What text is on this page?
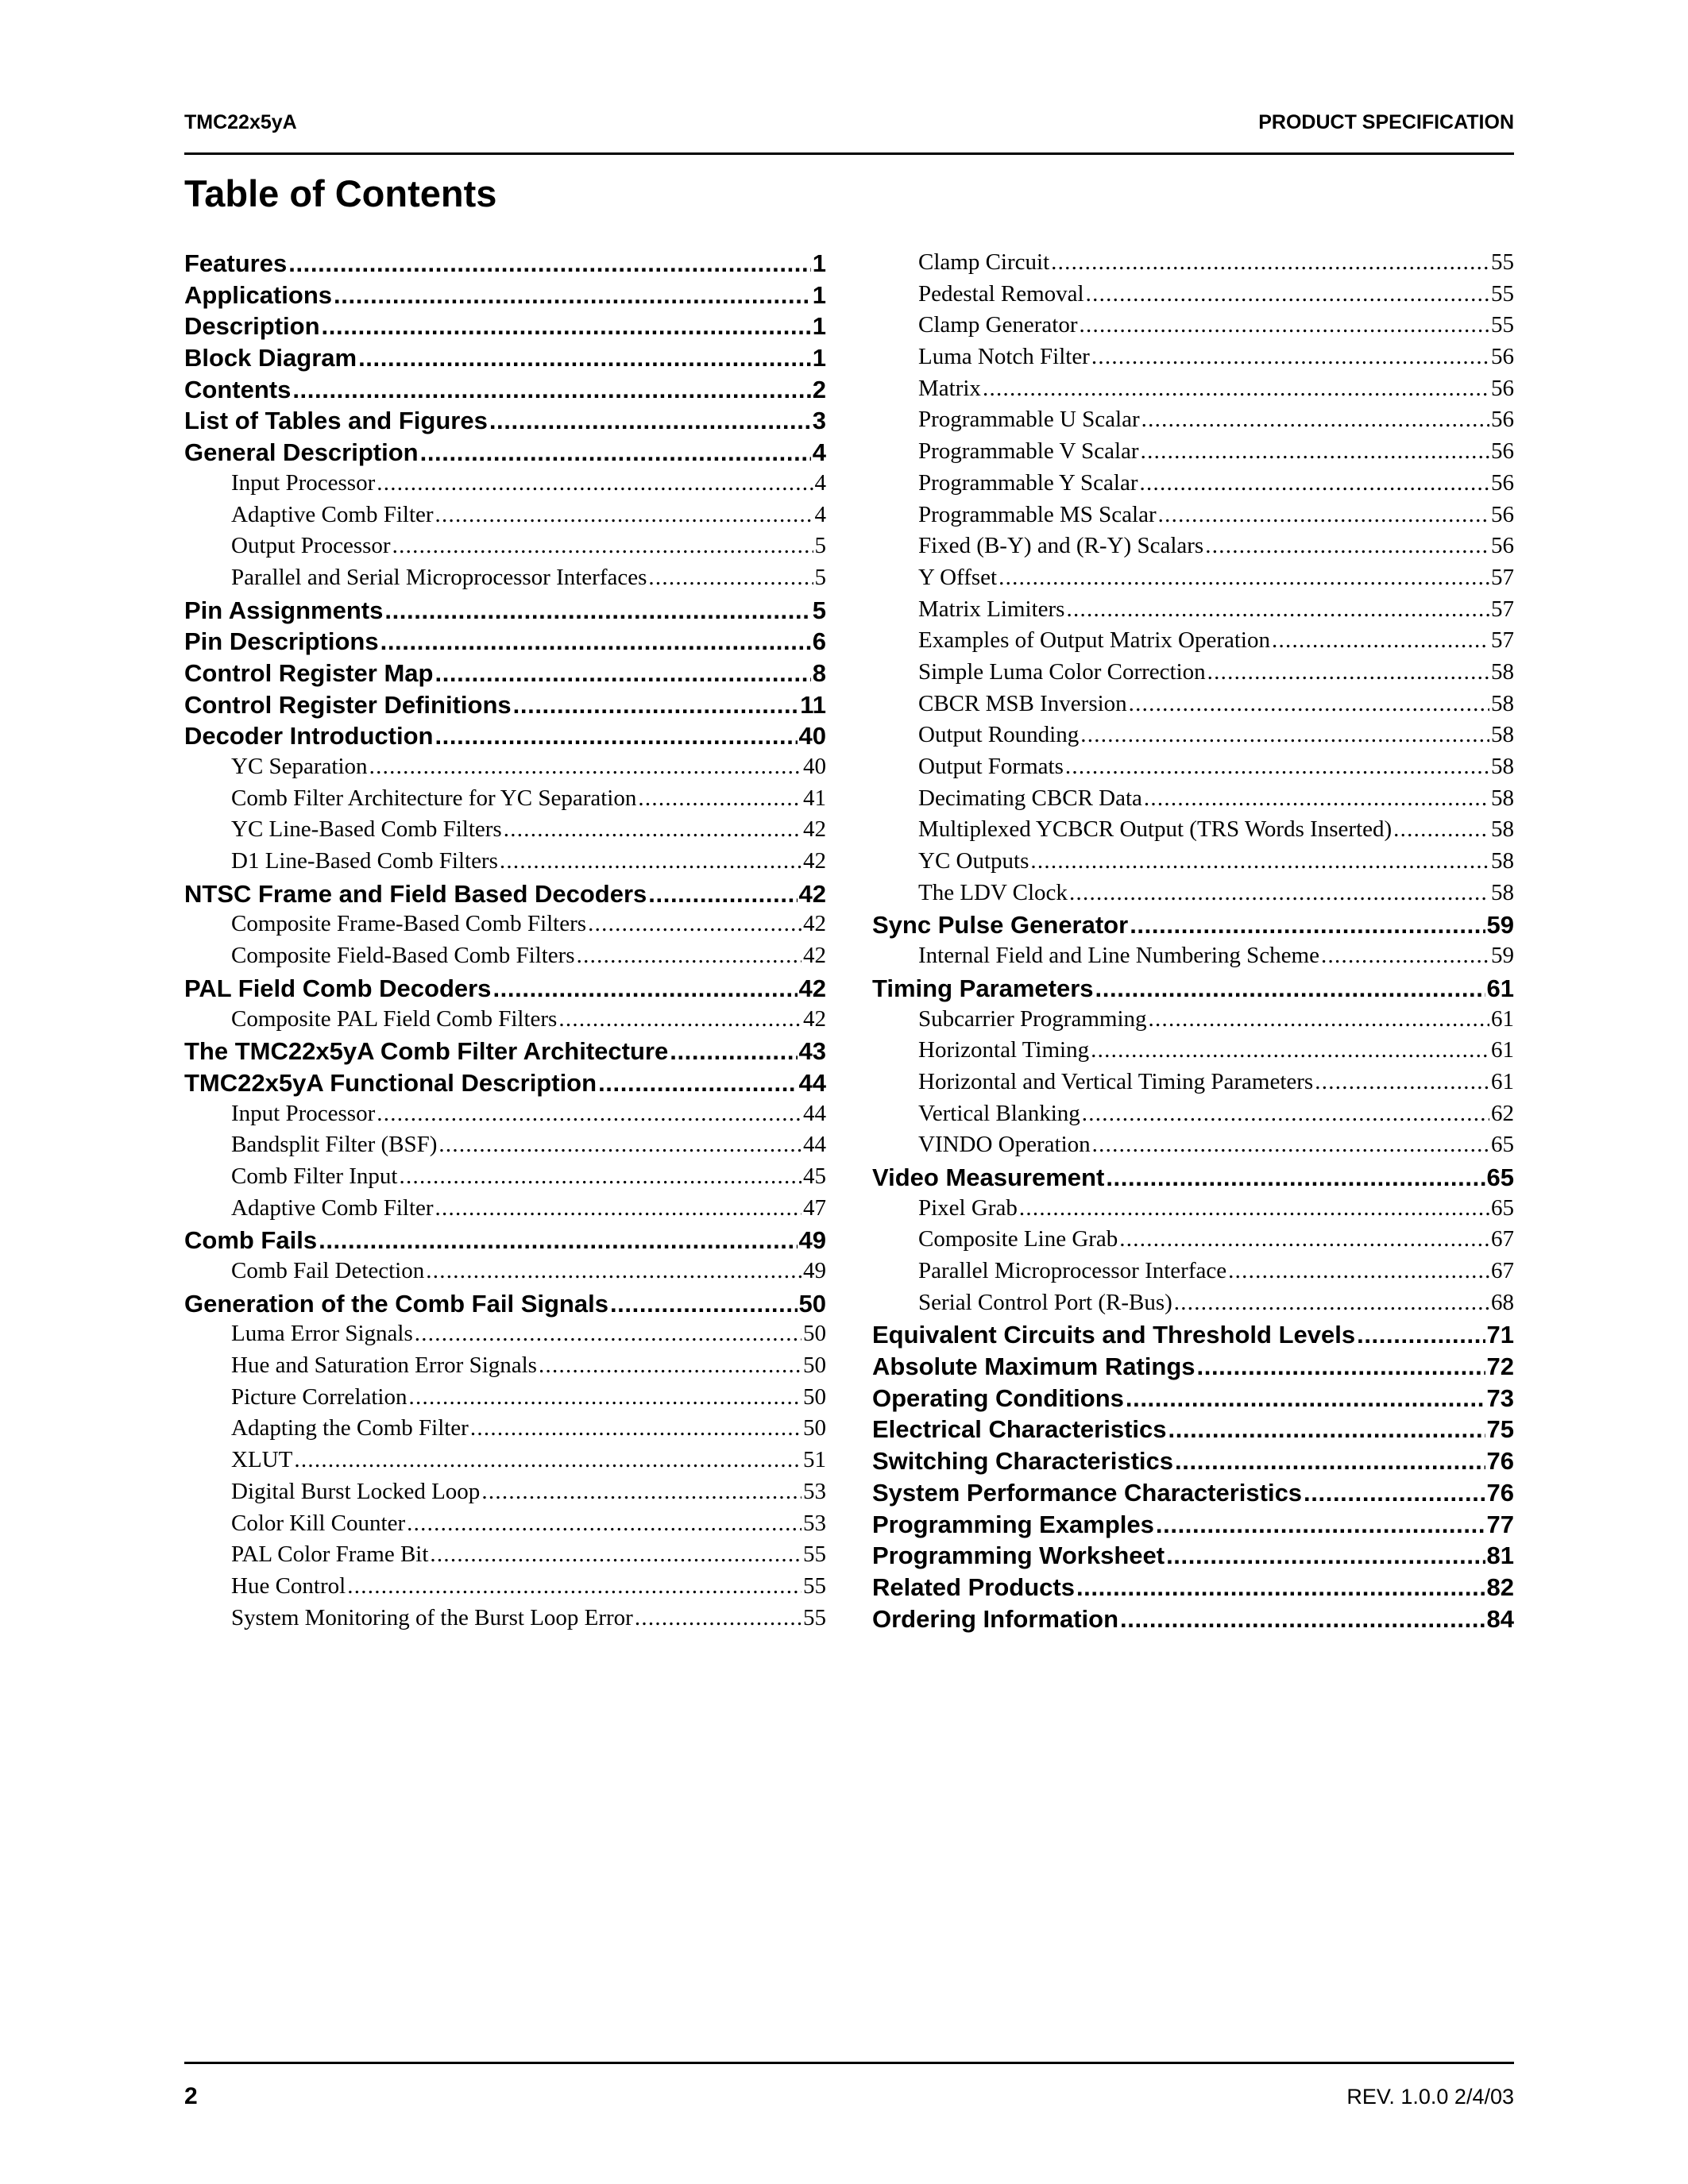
TMC22x5yA	PRODUCT SPECIFICATION
Table of Contents
Features . . .	1
Applications . . .	1
Description . . .	1
Block Diagram . . .	1
Contents . . .	2
List of Tables and Figures . . .	3
General Description . . .	4
Input Processor . . .	4
Adaptive Comb Filter . . .	4
Output Processor . . .	5
Parallel and Serial Microprocessor Interfaces . . .	5
Pin Assignments . . .	5
Pin Descriptions . . .	6
Control Register Map . . .	8
Control Register Definitions . . .	11
Decoder Introduction . . .	40
YC Separation . . .	40
Comb Filter Architecture for YC Separation . . .	41
YC Line-Based Comb Filters . . .	42
D1 Line-Based Comb Filters . . .	42
NTSC Frame and Field Based Decoders . . .	42
Composite Frame-Based Comb Filters . . .	42
Composite Field-Based Comb Filters . . .	42
PAL Field Comb Decoders . . .	42
Composite PAL Field Comb Filters . . .	42
The TMC22x5yA Comb Filter Architecture . . .	43
TMC22x5yA Functional Description . . .	44
Input Processor . . .	44
Bandsplit Filter (BSF) . . .	44
Comb Filter Input . . .	45
Adaptive Comb Filter . . .	47
Comb Fails . . .	49
Comb Fail Detection . . .	49
Generation of the Comb Fail Signals . . .	50
Luma Error Signals . . .	50
Hue and Saturation Error Signals . . .	50
Picture Correlation . . .	50
Adapting the Comb Filter . . .	50
XLUT . . .	51
Digital Burst Locked Loop . . .	53
Color Kill Counter . . .	53
PAL Color Frame Bit . . .	55
Hue Control . . .	55
System Monitoring of the Burst Loop Error . . .	55
Clamp Circuit . . .	55
Pedestal Removal . . .	55
Clamp Generator . . .	55
Luma Notch Filter . . .	56
Matrix . . .	56
Programmable U Scalar . . .	56
Programmable V Scalar . . .	56
Programmable Y Scalar . . .	56
Programmable MS Scalar . . .	56
Fixed (B-Y) and (R-Y) Scalars . . .	56
Y Offset . . .	57
Matrix Limiters . . .	57
Examples of Output Matrix Operation . . .	57
Simple Luma Color Correction . . .	58
CBCR MSB Inversion . . .	58
Output Rounding . . .	58
Output Formats . . .	58
Decimating CBCR Data . . .	58
Multiplexed YCBCR Output (TRS Words Inserted) . . .	58
YC Outputs . . .	58
The LDV Clock . . .	58
Sync Pulse Generator . . .	59
Internal Field and Line Numbering Scheme . . .	59
Timing Parameters . . .	61
Subcarrier Programming . . .	61
Horizontal Timing . . .	61
Horizontal and Vertical Timing Parameters . . .	61
Vertical Blanking . . .	62
VINDO Operation . . .	65
Video Measurement . . .	65
Pixel Grab . . .	65
Composite Line Grab . . .	67
Parallel Microprocessor Interface . . .	67
Serial Control Port (R-Bus) . . .	68
Equivalent Circuits and Threshold Levels . . .	71
Absolute Maximum Ratings . . .	72
Operating Conditions . . .	73
Electrical Characteristics . . .	75
Switching Characteristics . . .	76
System Performance Characteristics . . .	76
Programming Examples . . .	77
Programming Worksheet . . .	81
Related Products . . .	82
Ordering Information . . .	84
2	REV. 1.0.0 2/4/03
